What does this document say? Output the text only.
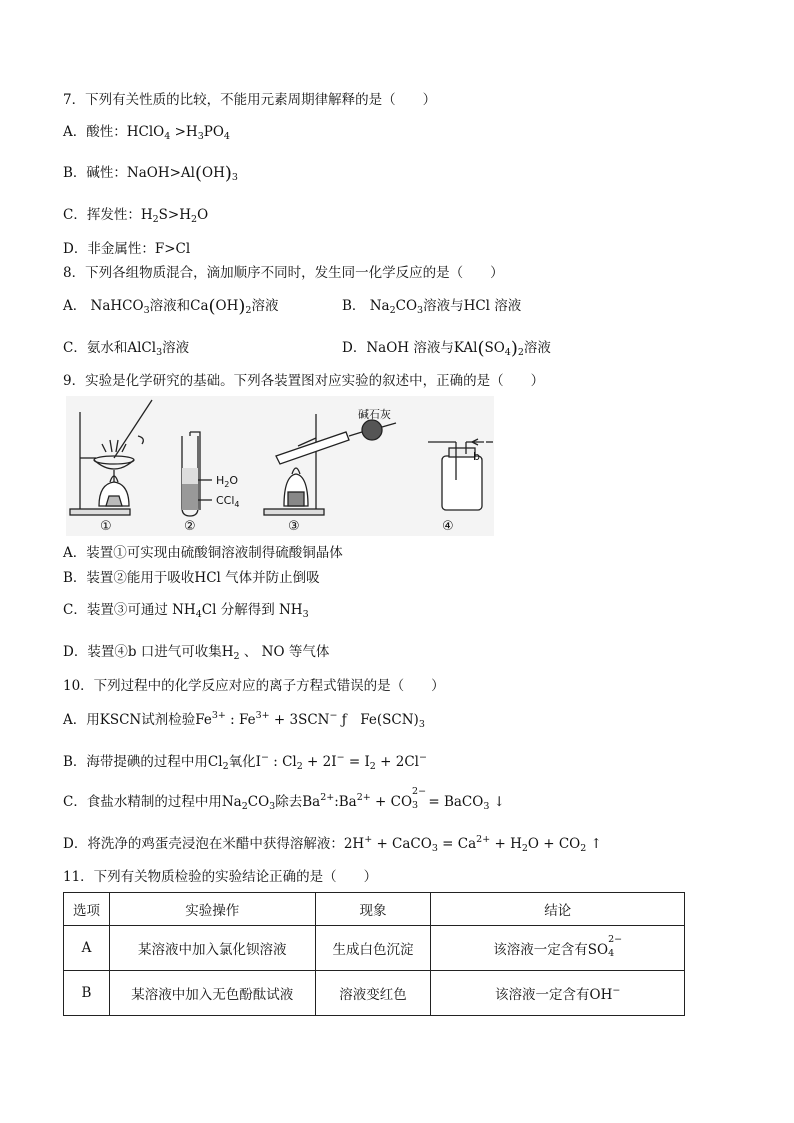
7．下列有关性质的比较，不能用元素周期律解释的是（　　）
A．酸性：HClO$_4$ $>H_3PO_4$
B．碱性：$NaOH>Al(OH)_3$
C．挥发性：$H_2S>H_2O$
D．非金属性：F>Cl
8．下列各组物质混合，滴加顺序不同时，发生同一化学反应的是（　　）
A． NaHCO$_3$溶液和$Ca(OH)_2$溶液	B． $Na_2CO_3$溶液与HCl 溶液
C．氨水和AlCl$_3$溶液	D．NaOH 溶液与$KAl(SO_4)_2$溶液
9．实验是化学研究的基础。下列各装置图对应实验的叙述中，正确的是（　　）
$H_2O$
CCl$_4$
碱石灰
b
①	②	③	④
A．装置①可实现由硫酸铜溶液制得硫酸铜晶体
B．装置②能用于吸收HCl 气体并防止倒吸
C．装置③可通过 $NH_4Cl$ 分解得到 $NH_3$
D．装置④b 口进气可收集$H_2$ 、 NO 等气体
10．下列过程中的化学反应对应的离子方程式错误的是（　　）
A．用KSCN试剂检验$Fe^{3+}$ : $Fe^{3+} + 3SCN^-$ ƒ　$Fe(SCN)_3$
B．海带提碘的过程中用$Cl_2$氧化I− : $Cl_2 + 2I^- = I_2 + 2Cl^-$
C．食盐水精制的过程中用$Na_2CO_3$除去$Ba^{2+}:Ba^{2+}$ + CO
2−
3 = BaCO$_3$ ↓
D．将洗净的鸡蛋壳浸泡在米醋中获得溶解液：2H+ + CaCO$_3$ = $Ca^{2+} + H_2O + CO_2$ ↑
11．下列有关物质检验的实验结论正确的是（　　）
选项	实验操作	现象	结论
A	某溶液中加入氯化钡溶液	生成白色沉淀	该溶液一定含有SO
2−
4

B	某溶液中加入无色酚酞试液	溶液变红色	该溶液一定含有OH−
